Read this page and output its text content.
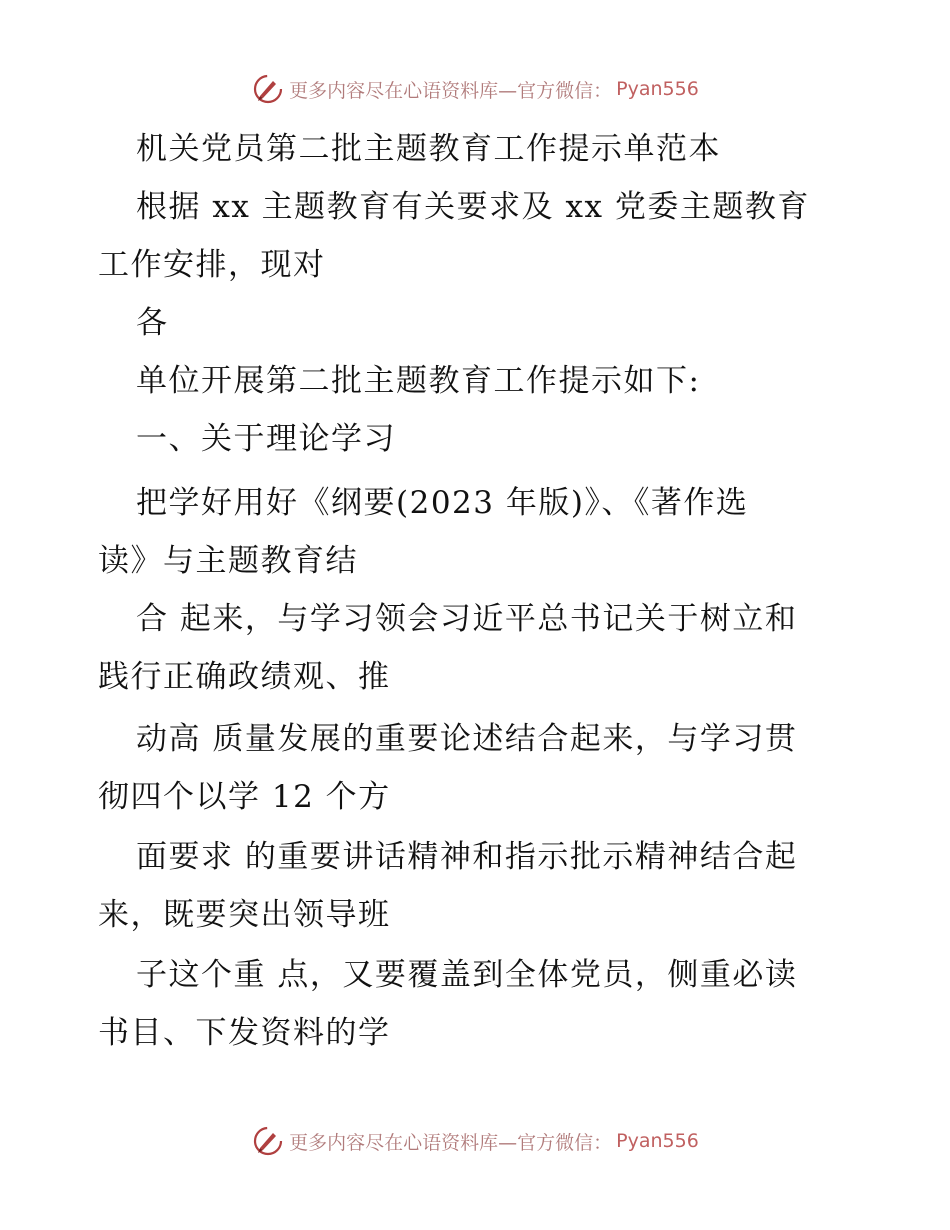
更多内容尽在心语资料库—官方微信： Pyan556
机关党员第二批主题教育工作提示单范本
根据 xx 主题教育有关要求及 xx 党委主题教育
工作安排，现对
各
单位开展第二批主题教育工作提示如下:
一、关于理论学习
把学好用好《纲要(2023 年版)》、《著作选
读》与主题教育结
合 起来，与学习领会习近平总书记关于树立和
践行正确政绩观、推
动高 质量发展的重要论述结合起来，与学习贯
彻四个以学 12 个方
面要求 的重要讲话精神和指示批示精神结合起
来，既要突出领导班
子这个重 点，又要覆盖到全体党员，侧重必读
书目、下发资料的学
更多内容尽在心语资料库—官方微信： Pyan556
